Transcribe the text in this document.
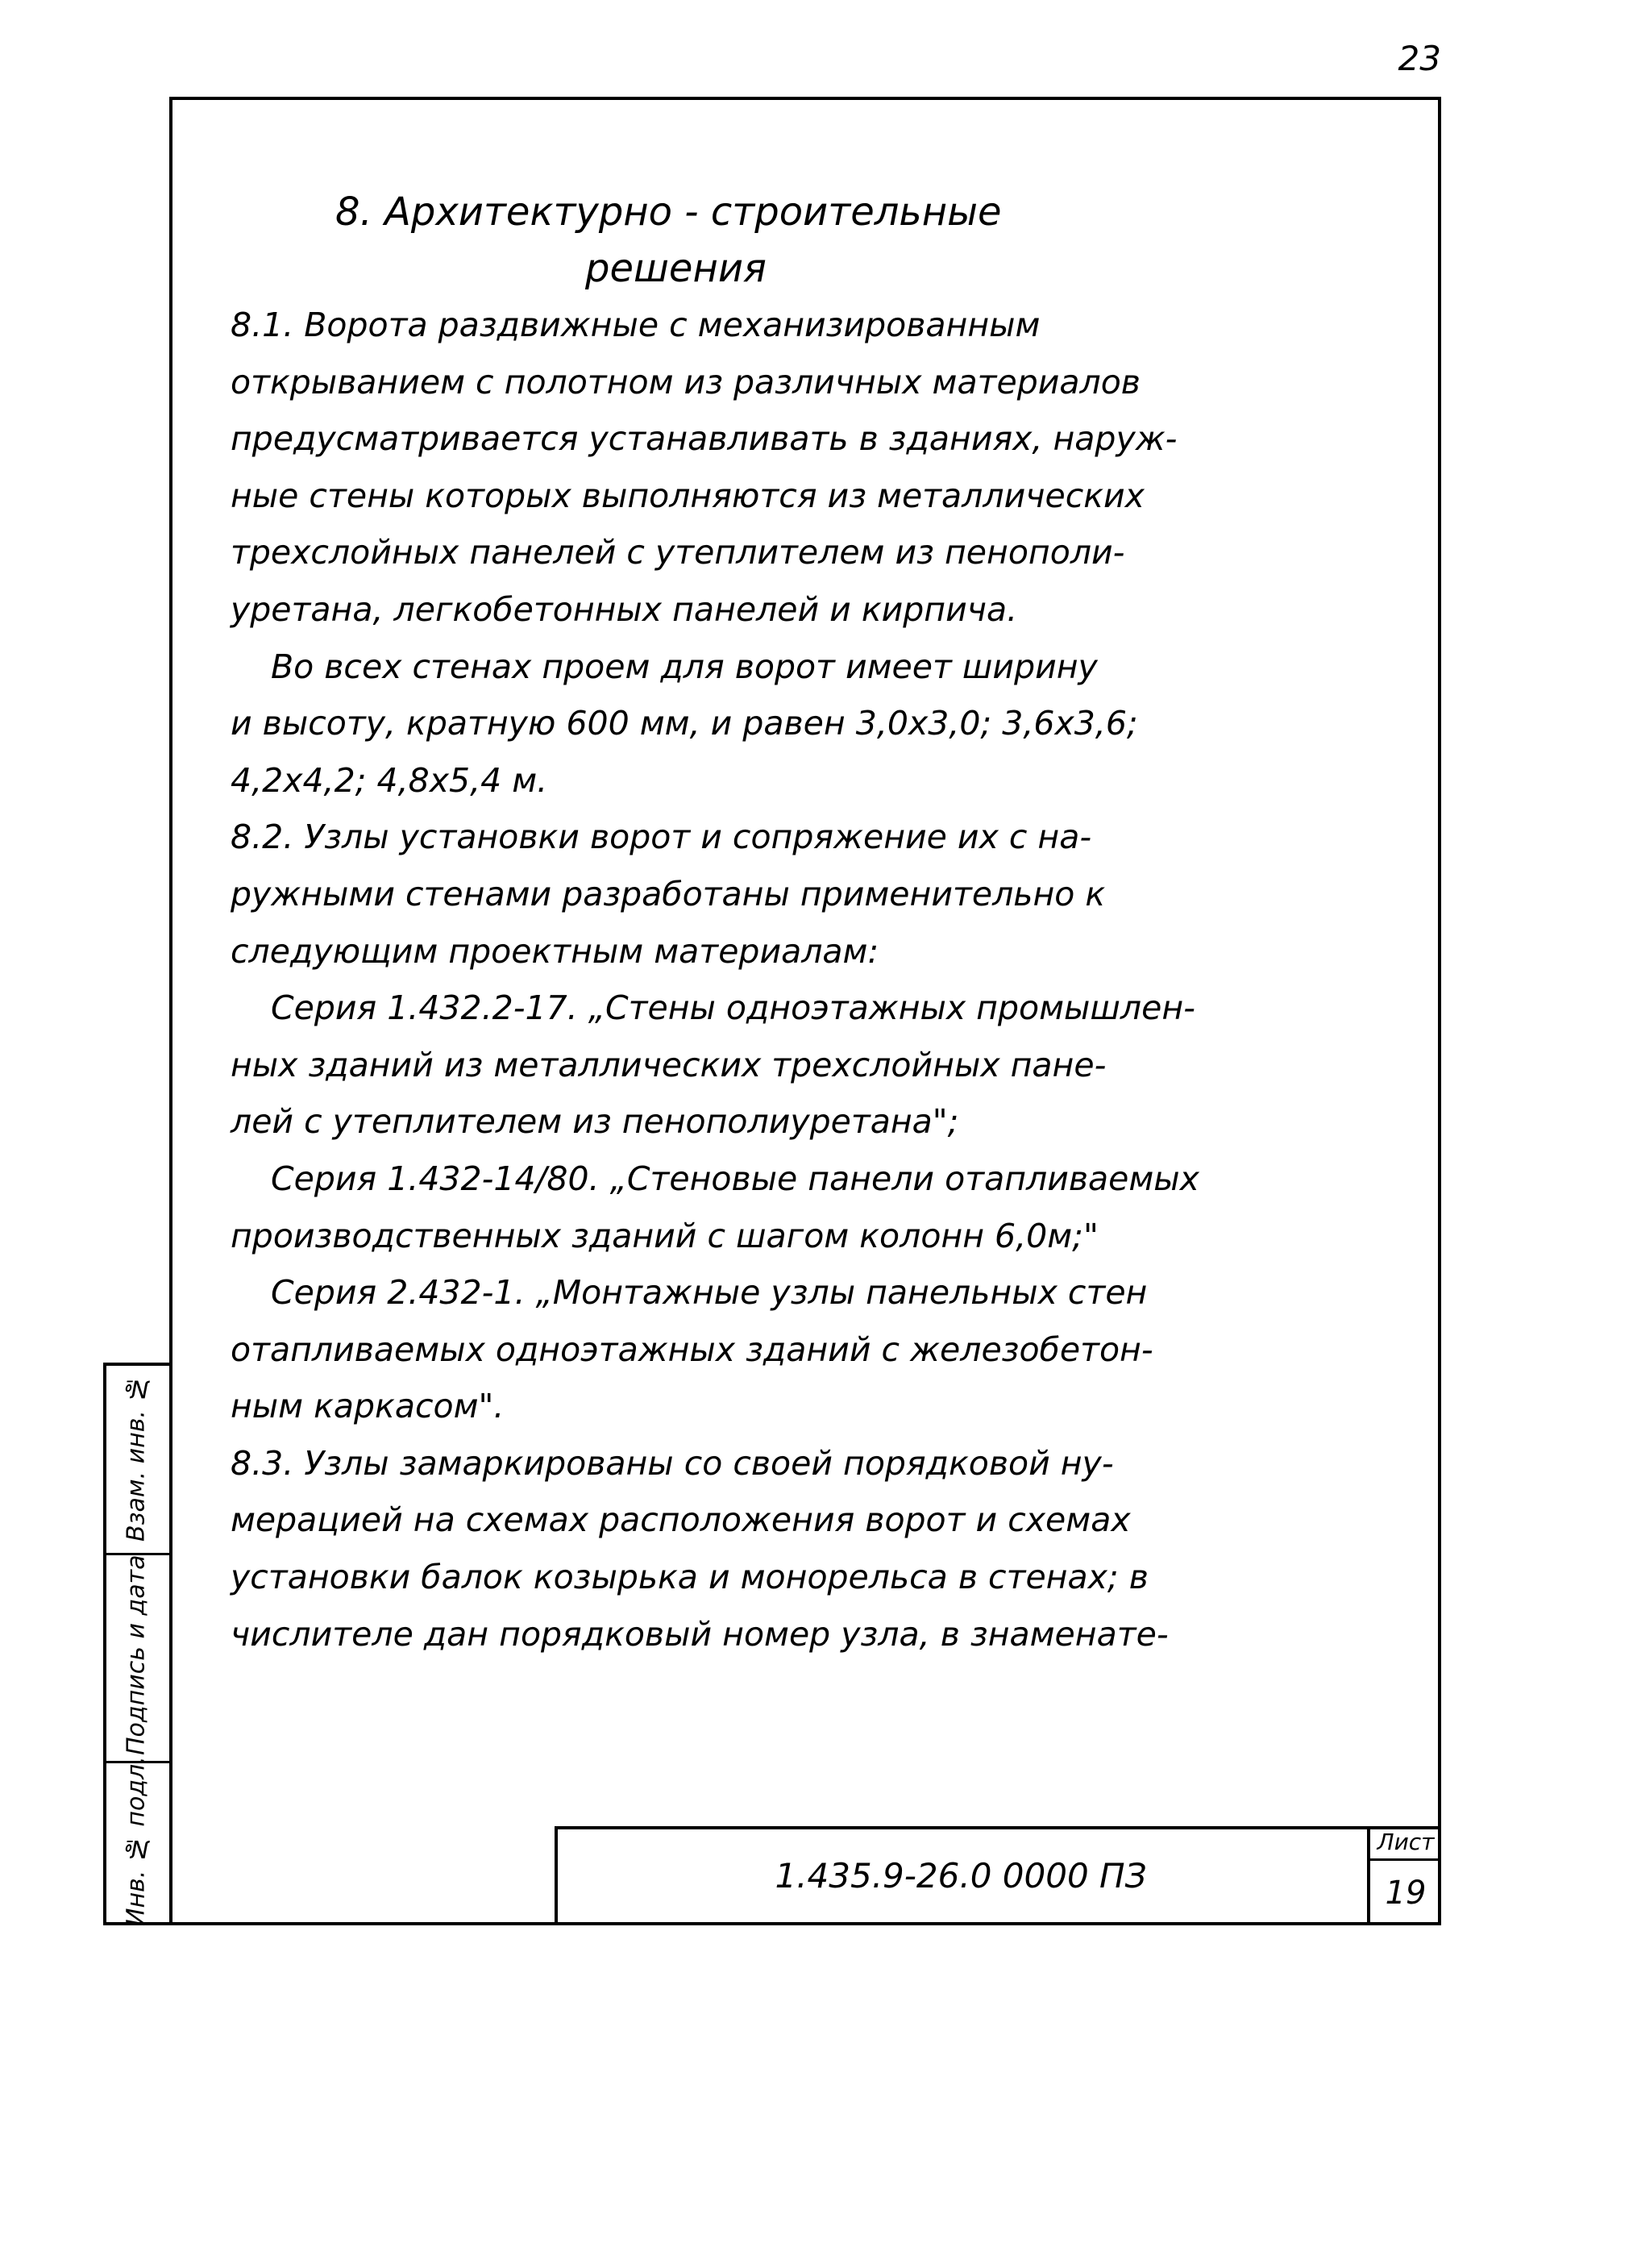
23

8. Архитектурно - строительные

решения

8.1. Ворота раздвижные с механизированным

открыванием с полотном из различных материалов

предусматривается устанавливать в зданиях, наруж-

ные стены которых выполняются из металлических

трехслойных панелей с утеплителем из пенополи-

уретана, легкобетонных панелей и кирпича.

Во всех стенах проем для ворот имеет ширину

и высоту, кратную 600 мм, и равен 3,0х3,0; 3,6х3,6;

4,2х4,2; 4,8х5,4 м.

8.2. Узлы установки ворот и сопряжение их с на-

ружными стенами разработаны применительно к

следующим проектным материалам:

Серия 1.432.2-17. „Стены одноэтажных промышлен-

ных зданий из металлических трехслойных пане-

лей с утеплителем из пенополиуретана";

Серия 1.432-14/80. „Стеновые панели отапливаемых

производственных зданий с шагом колонн 6,0м;"

Серия 2.432-1. „Монтажные узлы панельных стен

отапливаемых одноэтажных зданий с железобетон-

ным каркасом".

8.3. Узлы замаркированы со своей порядковой ну-

мерацией на схемах расположения ворот и схемах

установки балок козырька и монорельса в стенах; в

числителе дан порядковый номер узла, в знаменате-

Взам. инв. №
Подпись и дата
Инв. № подл.	1.435.9-26.0 0000 ПЗ
Лист
19
